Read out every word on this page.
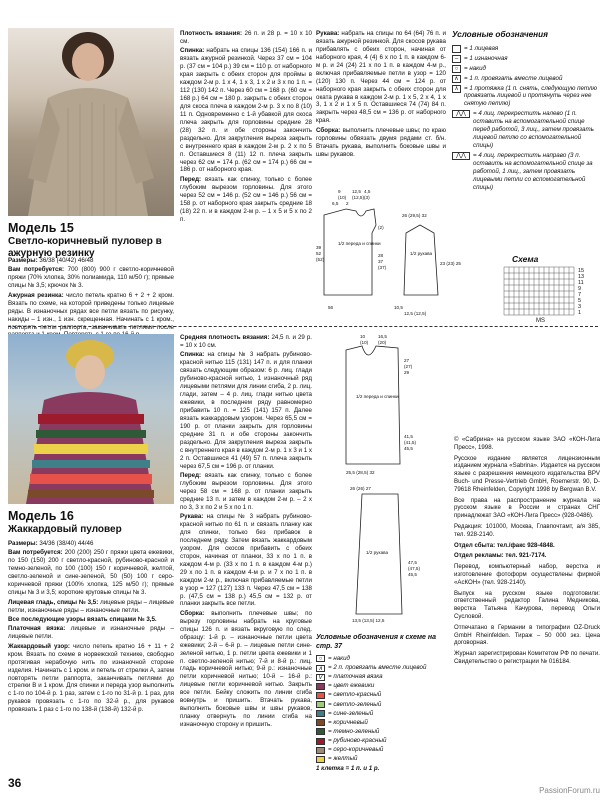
Модель 15
Светло-коричневый пуловер в ажурную резинку

Размеры: 36/38 (40/42) 46/48

Вам потребуется: 700 (800) 900 г светло-коричневой пряжи (70% хлопка, 30% полиамида, 110 м/50 г); прямые спицы № 3,5; крючок № 3.

Ажурная резинка: число петель кратно 6 + 2 + 2 кром. Вязать по схеме, на которой приведены только лицевые ряды. В изнаночных рядах все петли вязать по рисунку, накиды – 1 изн., 1 изн. скрещенная. Начинать с 1 кром., повторять петли раппорта, заканчивать петлями после

Плотность вязания: 26 п. и 28 р. = 10 х 10 см.

Спинка: набрать на спицы 136 (154) 166 п. и вязать ажурной резинкой. Через 37 см = 104 р. (37 см = 104 р.) 39 см = 110 р. от наборного края закрыть с обеих сторон для проймы в каждом 2-м р. 1 х 4, 1 х 3, 1 х 2 и 3 х по 1 п. = 112 (130) 142 п. Через 60 см = 168 р. (60 см = 168 р.) 64 см = 180 р. закрыть с обеих сторон для скоса плеча в каждом 2-м р. 3 х по 8 (10) 11 п. Одновременно с 1-й убавкой для скоса плеча закрыть для горловины средние 28 (28) 32 п. и обе стороны закончить раздельно. Для закругления выреза закрыть с внутреннего края в каждом 2-м р. 2 х по 5 п. Оставшиеся 8 (11) 12 п. плеча закрыть через 62 см = 174 р. (62 см = 174 р.) 66 см = 186 р. от наборного края.

Перед: вязать как спинку, только с более глубоким вырезом горловины. Для этого через 52 см = 146 р. (52 см = 146 р.) 56 см = 158 р. от наборного края закрыть средние 18 (18) 22 п. и в каждом 2-м р. – 1 х 5 и 5 х по 2 п.

Рукава: набрать на спицы по 64 (64) 76 п. и вязать ажурной резинкой. Для скосов рукава прибавлять с обеих сторон, начиная от наборного края, 4 (4) 6 х по 1 п. в каждом 6-м р. и 24 (24) 21 х по 1 п. в каждом 4-м р., включая прибавляемые петли в узор = 120 (120) 130 п. Через 44 см = 124 р. от наборного края закрыть с обеих сторон для оката рукава в каждом 2-м р. 1 х 5, 2 х 4, 1 х 3, 1 х 2 и 1 х 5 п. Оставшиеся 74 (74) 84 п. закрыть через 48,5 см = 136 р. от наборного края.

Сборка: выполнить плечевые швы; по краю горловины обвязать двумя рядами ст. б/н. Втачать рукава, выполнить боковые швы и швы рукавов.

9 12,5 4,5
(10) (12,5) (3)
6,5 2
(2)
28
37
(37)
39
52
(52)
1/2 переда и спинки
1/2 рукава
56
26 (29,5) 32
23 (23) 25
10,5
12,5 (12,5)
Условные обозначения
= 1 лицевая
– = 1 изнаночная
○ = накид
∧ = 1 п. провязать вместе лицевой
λ = 1 протяжка (1 п. снять, следующую петлю провязать лицевой и протянуть через нее снятую петлю)
⋀⋀	= 4 лиц. перекрестить налево (1 п. оставить на вспомогательной спице перед работой, 3 лиц., затем провязать лицевой петлю со вспомогательной спицы)
⋀⋀	= 4 лиц. перекрестить направо (3 п. оставить на вспомогательной спице за работой, 1 лиц., затем провязать лицевыми петли со вспомогательной спицы)
Схема
15
13
11
9
7
5
3
1
MS
Модель 16
Жаккардовый пуловер

Размеры: 34/36 (38/40) 44/46

Вам потребуется: 200 (200) 250 г пряжи цвета ежевики, по 150 (150) 200 г светло-красной, рубиново-красной и темно-зеленой, по 100 (100) 150 г коричневой, желтой, светло-зеленой и сине-зеленой, 50 (50) 100 г серо-коричневой пряжи (100% хлопка, 125 м/50 г); прямые спицы № 3 и 3,5; короткие круговые спицы № 3.

Лицевая гладь, спицы № 3,5: лицевые ряды – лицевые петли, изнаночные ряды – изнаночные петли.

Все последующие узоры вязать спицами № 3,5.

Платочная вязка: лицевые и изнаночные ряды – лицевые петли.

Жаккардовый узор: число петель кратно 16 + 11 + 2 кром. Вязать по схеме в норвежской технике, свободно протягивая нерабочую нить по изнаночной стороне изделия. Начинать с 1 кром. и петель от стрелки А, затем повторять петли раппорта, заканчивать петлями до стрелки В и 1 кром. Для спинки и переда узор выполнить с 1-го по 104-й р. 1 раз, затем с 1-го по 31-й р. 1 раз, для рукавов провязать с 1-го по 32-й р., для рукавов провязать 1 раз с 1-го по 138-й (138-й) 132-й р.

Средняя плотность вязания: 24,5 п. и 29 р. = 10 х 10 см.

Спинка: на спицы № 3 набрать рубиново-красной нитью 115 (131) 147 п. и для планки связать следующим образом: 6 р. лиц. глади рубиново-красной нитью, 1 изнаночный ряд лицевыми петлями для линии сгиба, 2 р. лиц. глади, затем – 4 р. лиц. глади нитью цвета ежевики, в последнем ряду равномерно прибавить 10 п. = 125 (141) 157 п. Далее вязать жаккардовым узором. Через 65,5 см = 190 р. от планки закрыть для горловины средние 31 п. и обе стороны закончить раздельно. Для закругления выреза закрыть с внутреннего края в каждом 2-м р. 1 х 3 и 1 х 2 п. Оставшиеся 41 (49) 57 п. плеча закрыть через 67,5 см = 196 р. от планки.

Перед: вязать как спинку, только с более глубоким вырезом горловины. Для этого через 58 см = 168 р. от планки закрыть средние 13 п. и затем в каждом 2-м р. – 2 х по 3, 3 х по 2 и 5 х по 1 п.

Рукава: на спицы № 3 набрать рубиново-красной нитью по 61 п. и связать планку как для спинки, только без прибавок в последнем ряду. Затем вязать жаккардовым узором. Для скосов прибавить с обеих сторон, начиная от планки, 33 х по 1 п. в каждом 4-м р. (33 х по 1 п. в каждом 4-м р.) 29 х по 1 п. в каждом 4-м р. и 7 х по 1 п. в каждом 2-м р., включая прибавляемые петли в узор = 127 (127) 133 п. Через 47,5 см = 138 р. (47,5 см = 138 р.) 45,5 см = 132 р. от планки закрыть все петли.

Сборка: выполнить плечевые швы; по вырезу горловины набрать на круговые спицы 126 п. и вязать вкруговую по след. образцу: 1-й р. – изнаночные петли цвета ежевики; 2-й – 6-й р. – лицевые петли сине-зеленой нитью, 1 р. петли цвета ежевики и 1 п. светло-зеленой нитью; 7-й и 8-й р.: лиц. гладь коричневой нитью; 9-й р.: изнаночные петли коричневой нитью; 10-й – 16-й р.: лицевые петли коричневой нитью. Закрыть все петли. Бейку сложить по линии сгиба вовнутрь и пришить. Втачать рукава, выполнить боковые швы и швы рукавов, планку отвернуть по линии сгиба на изнаночную сторону и пришить.

10	16,5
(10) (20)
27
(27)
29
41,5
(41,5)
45,5
1/2 переда и спинки
25,5 (28,5) 32
26 (26) 27
1/2 рукава
47,5
(47,5)
45,5
13,5 (13,5) 12,5
Условные обозначения к схеме на стр. 37
○ = накид
∧ = 2 п. провязать вместе лицевой
V = платочная вязка
= цвет ежевики
= светло-красный
= светло-зеленый
= сине-зеленый
= коричневый
= темно-зеленый
= рубиново-красный
= серо-коричневый
= желтый
1 клетка = 1 п. и 1 р.

© «Сабрина» на русском языке ЗАО «КОН-Лига Пресс», 1998.

Русское издание является лицензионным изданием журнала «Sabrina». Издается на русском языке с разрешения немецкого издательства BPV Buch- und Presse-Vertrieb GmbH, Roemerstr. 90, D-79618 Rheinfelden, Copyright 1998 by Bergwan В.V.

Все права на распространение журнала на русском языке в России и странах СНГ принадлежат ЗАО «КОН-Лига Пресс» (928-0486).

Редакция: 101000, Москва, Главпочтамт, а/я 385, тел. 928-2140.

Отдел сбыта: тел./факс 928-4848.

Отдел рекламы: тел. 921-7174.

Перевод, компьютерный набор, верстка и изготовление фотоформ осуществлены фирмой «АсКОН» (тел. 928-2140).

Выпуск на русском языке подготовили: ответственный редактор Галина Медникова, верстка Татьяна Качурова, перевод Ольги Сусловой.

Отпечатано в Германии в типографии OZ-Druck GmbH Rheinfelden. Тираж – 50 000 экз. Цена договорная.

Журнал зарегистрирован Комитетом РФ по печати. Свидетельство о регистрации № 016184.

36
PassionForum.ru
